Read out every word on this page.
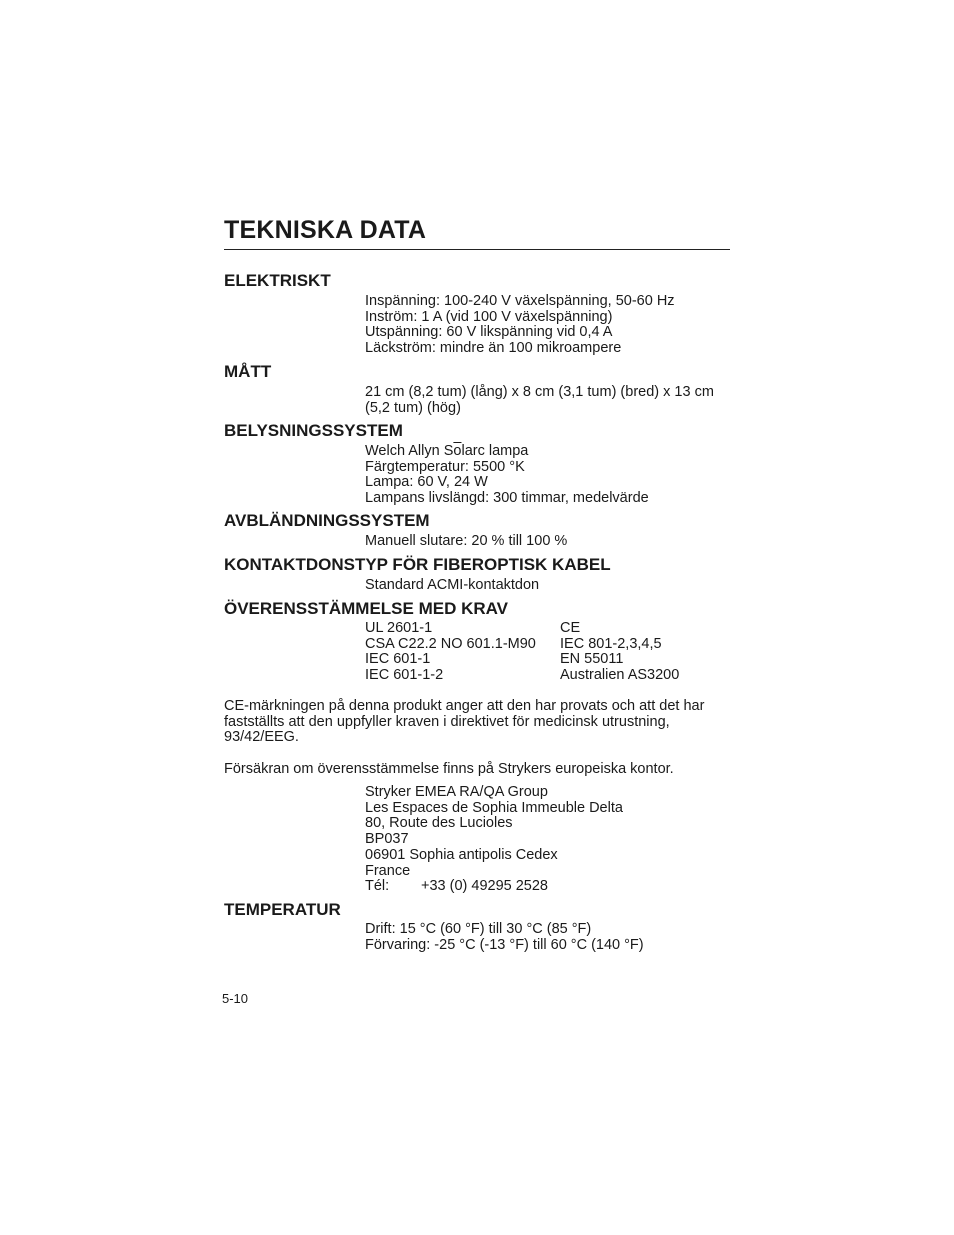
TEKNISKA DATA
ELEKTRISKT
Inspänning: 100-240 V växelspänning, 50-60 Hz
Inström: 1 A (vid 100 V växelspänning)
Utspänning: 60 V likspänning vid 0,4 A
Läckström: mindre än 100 mikroampere
MÅTT
21 cm (8,2 tum) (lång) x 8 cm (3,1 tum) (bred) x 13 cm (5,2 tum) (hög)
BELYSNINGSSYSTEM
Welch Allyn $S\overline{o}larc$ lampa
Färgtemperatur: 5500 °K
Lampa: 60 V, 24 W
Lampans livslängd: 300 timmar, medelvärde
AVBLÄNDNINGSSYSTEM
Manuell slutare: 20 % till 100 %
KONTAKTDONSTYP FÖR FIBEROPTISK KABEL
Standard ACMI-kontaktdon
ÖVERENSSTÄMMELSE MED KRAV
UL 2601-1
CSA C22.2 NO 601.1-M90
IEC 601-1
IEC 601-1-2
CE
IEC 801-2,3,4,5
EN 55011
Australien AS3200
CE-märkningen på denna produkt anger att den har provats och att det har fastställts att den uppfyller kraven i direktivet för medicinsk utrustning, 93/42/EEG.
Försäkran om överensstämmelse finns på Strykers europeiska kontor.
Stryker EMEA RA/QA Group
Les Espaces de Sophia Immeuble Delta
80, Route des Lucioles
BP037
06901 Sophia antipolis Cedex
France
Tél: +33 (0) 49295 2528
TEMPERATUR
Drift: 15 °C (60 °F) till 30 °C (85 °F)
Förvaring: -25 °C (-13 °F) till 60 °C (140 °F)
5-10
